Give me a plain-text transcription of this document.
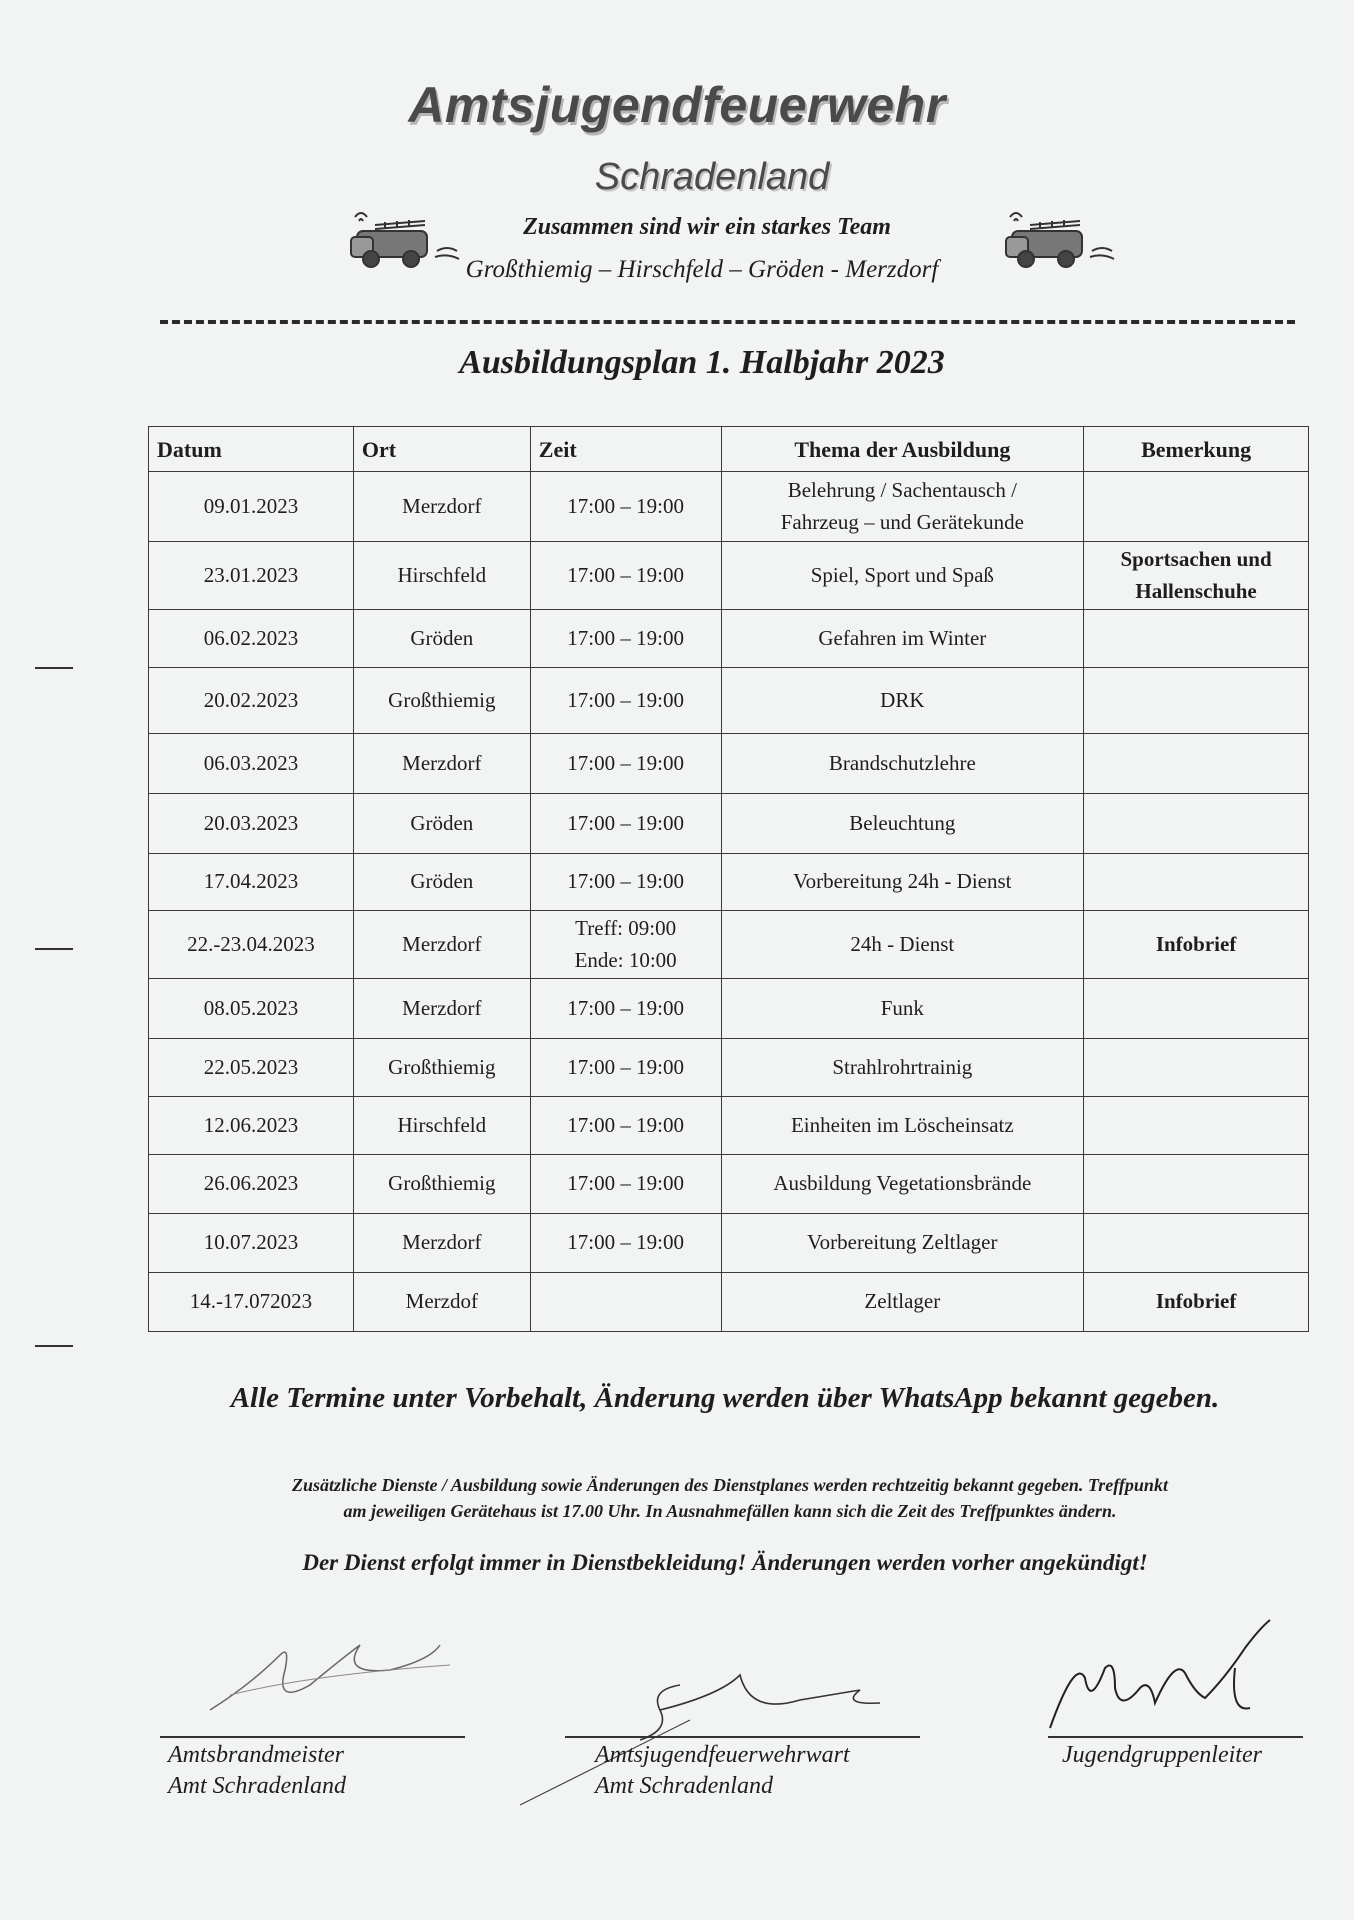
Amtsjugendfeuerwehr
Schradenland
Zusammen sind wir ein starkes Team
Großthiemig – Hirschfeld – Gröden - Merzdorf
Ausbildungsplan 1. Halbjahr 2023
Datum	Ort	Zeit	Thema der Ausbildung	Bemerkung
09.01.2023	Merzdorf	17:00 – 19:00	Belehrung / Sachentausch /
Fahrzeug – und Gerätekunde	
23.01.2023	Hirschfeld	17:00 – 19:00	Spiel, Sport und Spaß	Sportsachen und
Hallenschuhe
06.02.2023	Gröden	17:00 – 19:00	Gefahren im Winter	
20.02.2023	Großthiemig	17:00 – 19:00	DRK	
06.03.2023	Merzdorf	17:00 – 19:00	Brandschutzlehre	
20.03.2023	Gröden	17:00 – 19:00	Beleuchtung	
17.04.2023	Gröden	17:00 – 19:00	Vorbereitung 24h - Dienst	
22.-23.04.2023	Merzdorf	Treff: 09:00
Ende: 10:00	24h - Dienst	Infobrief
08.05.2023	Merzdorf	17:00 – 19:00	Funk	
22.05.2023	Großthiemig	17:00 – 19:00	Strahlrohrtrainig	
12.06.2023	Hirschfeld	17:00 – 19:00	Einheiten im Löscheinsatz	
26.06.2023	Großthiemig	17:00 – 19:00	Ausbildung Vegetationsbrände	
10.07.2023	Merzdorf	17:00 – 19:00	Vorbereitung Zeltlager	
14.-17.072023	Merzdof		Zeltlager	Infobrief
Alle Termine unter Vorbehalt, Änderung werden über WhatsApp bekannt gegeben.
Zusätzliche Dienste / Ausbildung sowie Änderungen des Dienstplanes werden rechtzeitig bekannt gegeben. Treffpunkt
am jeweiligen Gerätehaus ist 17.00 Uhr. In Ausnahmefällen kann sich die Zeit des Treffpunktes ändern.
Der Dienst erfolgt immer in Dienstbekleidung! Änderungen werden vorher angekündigt!
Amtsbrandmeister
Amt Schradenland
Amtsjugendfeuerwehrwart
Amt Schradenland
Jugendgruppenleiter
